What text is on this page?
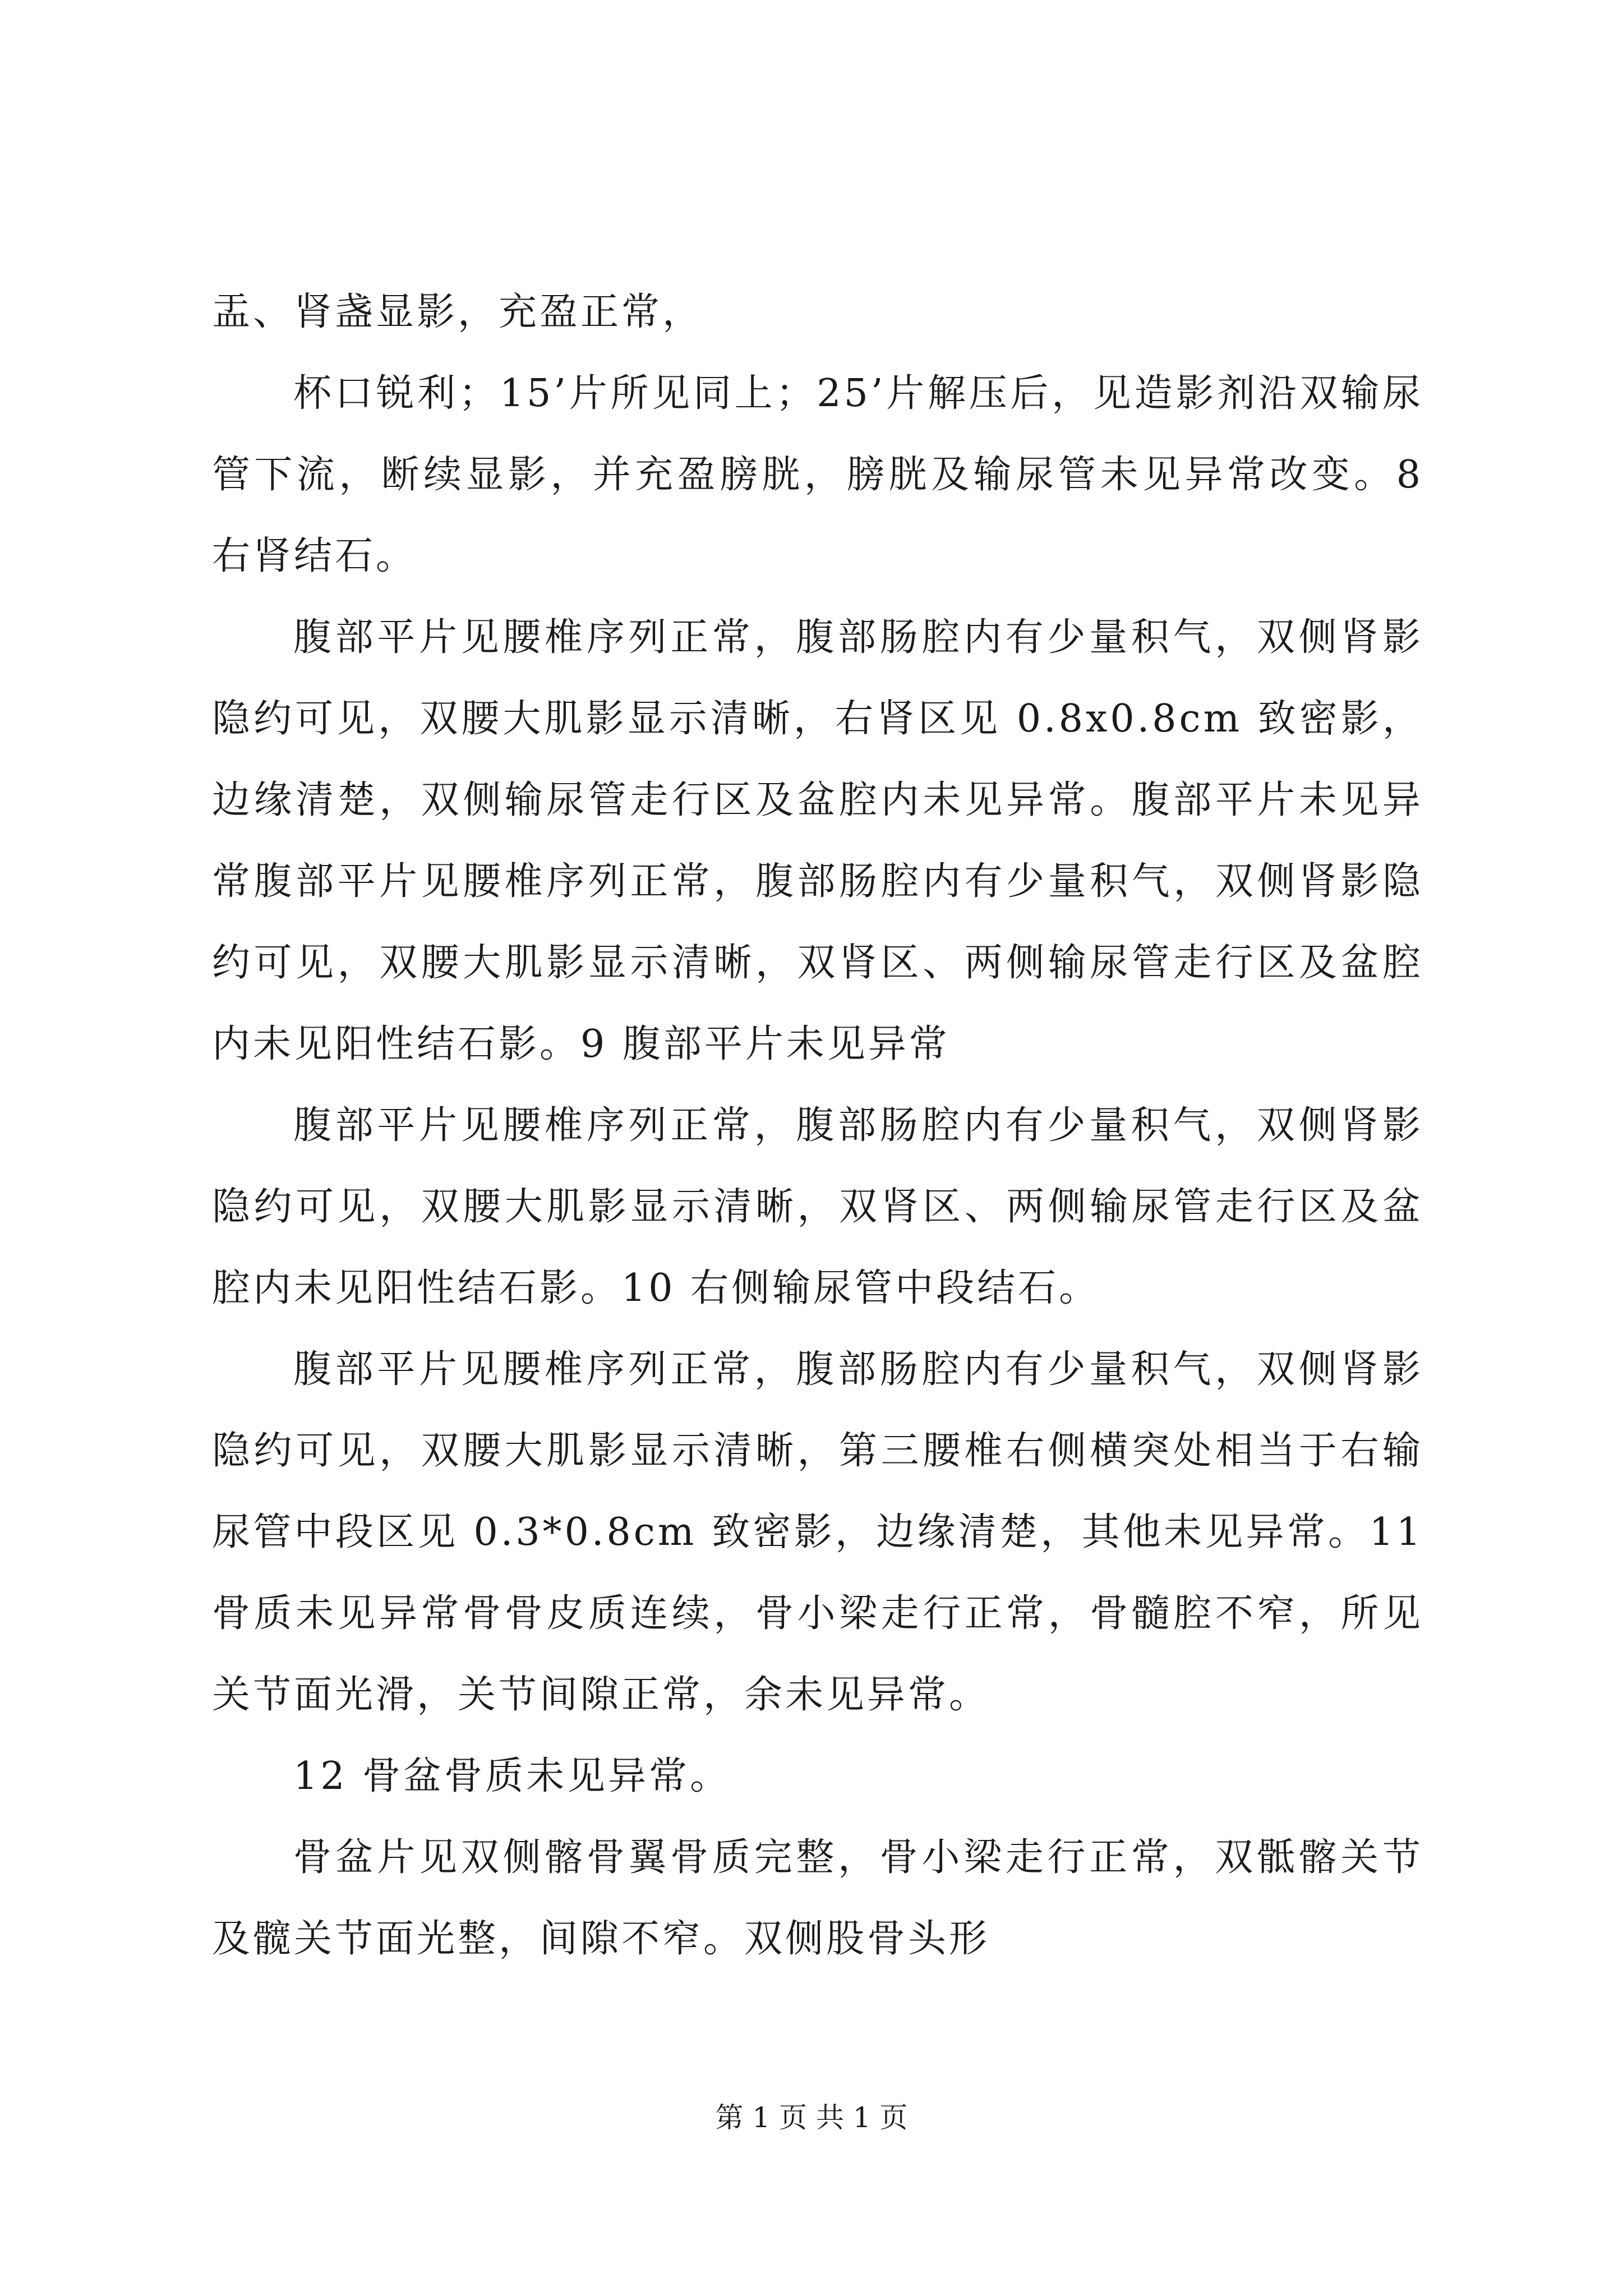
盂、肾盏显影，充盈正常，

杯口锐利；15’片所见同上；25’片解压后，见造影剂沿双输尿管下流，断续显影，并充盈膀胱，膀胱及输尿管未见异常改变。8 右肾结石。

腹部平片见腰椎序列正常，腹部肠腔内有少量积气，双侧肾影隐约可见，双腰大肌影显示清晰，右肾区见 0.8x0.8cm 致密影，边缘清楚，双侧输尿管走行区及盆腔内未见异常。腹部平片未见异常腹部平片见腰椎序列正常，腹部肠腔内有少量积气，双侧肾影隐约可见，双腰大肌影显示清晰，双肾区、两侧输尿管走行区及盆腔内未见阳性结石影。9 腹部平片未见异常

腹部平片见腰椎序列正常，腹部肠腔内有少量积气，双侧肾影隐约可见，双腰大肌影显示清晰，双肾区、两侧输尿管走行区及盆腔内未见阳性结石影。10 右侧输尿管中段结石。

腹部平片见腰椎序列正常，腹部肠腔内有少量积气，双侧肾影隐约可见，双腰大肌影显示清晰，第三腰椎右侧横突处相当于右输尿管中段区见 0.3*0.8cm 致密影，边缘清楚，其他未见异常。11 骨质未见异常骨骨皮质连续，骨小梁走行正常，骨髓腔不窄，所见关节面光滑，关节间隙正常，余未见异常。

12 骨盆骨质未见异常。

骨盆片见双侧髂骨翼骨质完整，骨小梁走行正常，双骶髂关节及髋关节面光整，间隙不窄。双侧股骨头形

第 1 页 共 1 页
